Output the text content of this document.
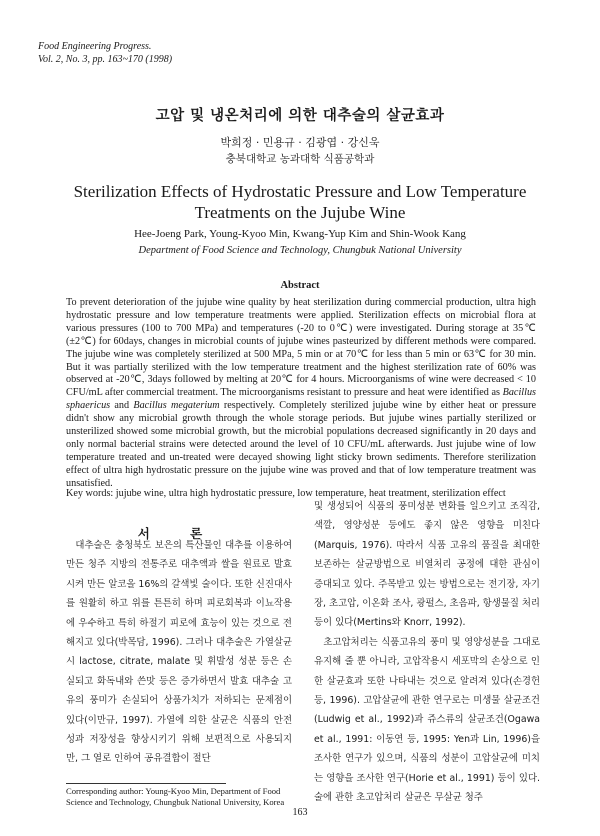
Food Engineering Progress.
Vol. 2, No. 3, pp. 163~170 (1998)
고압 및 냉온처리에 의한 대추술의 살균효과
박희정 · 민용규 · 김광엽 · 강신욱
충북대학교 농과대학 식품공학과
Sterilization Effects of Hydrostatic Pressure and Low Temperature
Treatments on the Jujube Wine
Hee-Joeng Park, Young-Kyoo Min, Kwang-Yup Kim and Shin-Wook Kang
Department of Food Science and Technology, Chungbuk National University
Abstract

To prevent deterioration of the jujube wine quality by heat sterilization during commercial production, ultra high hydrostatic pressure and low temperature treatments were applied. Sterilization effects on microbial flora at various pressures (100 to 700 MPa) and temperatures (-20 to 0℃) were investigated. During storage at 35℃ (±2℃) for 60days, changes in microbial counts of jujube wines pasteurized by different methods were compared. The jujube wine was completely sterilized at 500 MPa, 5 min or at 70℃ for less than 5 min or 63℃ for 30 min. But it was partially sterilized with the low temperature treatment and the highest sterilization rate of 60% was observed at -20℃, 3days followed by melting at 20℃ for 4 hours. Microorganisms of wine were decreased < 10 CFU/mL after commercial treatment. The microorganisms resistant to pressure and heat were identified as Bacillus sphaericus and Bacillus megaterium respectively. Completely sterilized jujube wine by either heat or pressure didn't show any microbial growth through the whole storage periods. But jujube wines partially sterilized or unsterilized showed some microbial growth, but the microbial populations decreased significantly in 20 days and only normal bacterial strains were detected around the level of 10 CFU/mL afterwards. Just jujube wine of low temperature treated and un-treated were decayed showing light sticky brown sediments. Therefore sterilization effect of ultra high hydrostatic pressure on the jujube wine was proved and that of low temperature treatment was unsatisfied.

Key words: jujube wine, ultra high hydrostatic pressure, low temperature, heat treatment, sterilization effect
서 론

대추술은 충청북도 보은의 특산물인 대추를 이용하여 만든 청주 지방의 전통주로 대추액과 쌀을 원료로 발효시켜 만든 알코올 16%의 갈색빛 술이다. 또한 신진대사를 원활히 하고 위를 튼튼히 하며 피로회복과 이뇨작용에 우수하고 특히 하절기 피로에 효능이 있는 것으로 전해지고 있다(박목담, 1996). 그러나 대추술은 가열살균시 lactose, citrate, malate 및 휘발성 성분 등은 손실되고 화독내와 쓴맛 등은 증가하면서 발효 대추술 고유의 풍미가 손실되어 상품가치가 저하되는 문제점이 있다(이만규, 1997). 가열에 의한 살균은 식품의 안전성과 저장성을 향상시키기 위해 보편적으로 사용되지만, 그 열로 인하여 공유결합이 절단

및 생성되어 식품의 풍미성분 변화를 일으키고 조직감, 색깔, 영양성분 등에도 좋지 않은 영향을 미친다(Marquis, 1976). 따라서 식품 고유의 품질을 최대한 보존하는 살균방법으로 비열처리 공정에 대한 관심이 증대되고 있다. 주목받고 있는 방법으로는 전기장, 자기장, 초고압, 이온화 조사, 광펄스, 초음파, 항생물질 처리 등이 있다(Mertins와 Knorr, 1992).

초고압처리는 식품고유의 풍미 및 영양성분을 그대로 유지해 줄 뿐 아니라, 고압작용시 세포막의 손상으로 인한 살균효과 또한 나타내는 것으로 알려져 있다(손경헌 등, 1996). 고압살균에 관한 연구로는 미생물 살균조건(Ludwig et al., 1992)과 쥬스류의 살균조건(Ogawa et al., 1991: 이동연 등, 1995: Yen과 Lin, 1996)을 조사한 연구가 있으며, 식품의 성분이 고압살균에 미치는 영향을 조사한 연구(Horie et al., 1991) 등이 있다. 술에 관한 초고압처리 살균은 무살균 청주

Corresponding author: Young-Kyoo Min, Department of Food Science and Technology, Chungbuk National University, Korea
163
